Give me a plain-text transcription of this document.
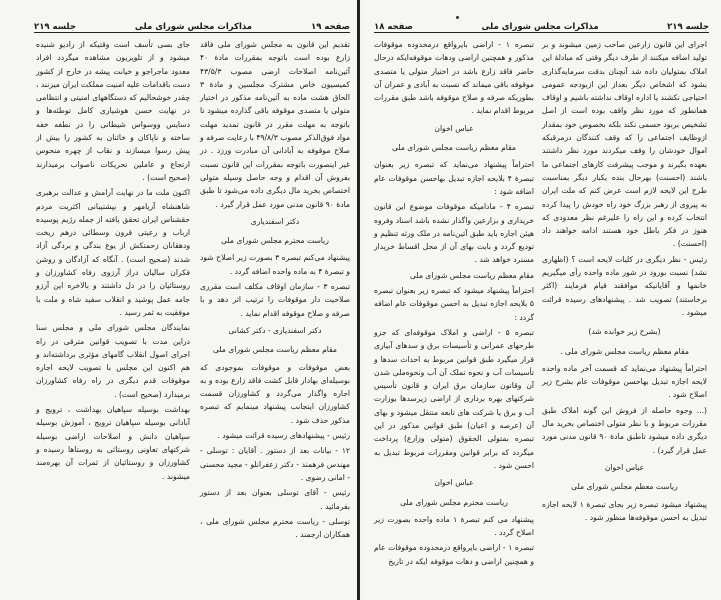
صفحه ۱۹
مذاکرات مجلس شورای ملی
جلسه ۲۱۹

تقدیم این قانون به مجلس شورای ملی فاقد زارع بوده است باتوجه بمقررات مادهٔ ۴۰ آئین‌نامه اصلاحات ارضی مصوب ۴۳/۵/۳ کمیسیون خاص مشترک مجلسین و مادهٔ ۳ الحاق هشت ماده به آئین‌نامه مذکور در اختیار متولی یا متصدی موقوفه باقی گذارده میشود تا باتوجه به مهلت مقرر در قانون تمدید مهلت مواد فوق‌الذکر مصوب ۴۹/۸/۳ با رعایت صرفه و صلاح موقوفه به آبادانی آن مبادرت ورزد . در غیر اینصورت باتوجه بمقررات این قانون نسبت بفروش آن اقدام و وجه حاصل وسیله متولی اختصاص بخرید مال دیگری داده می‌شود تا طبق مادهٔ ۹۰ قانون مدنی مورد عمل قرار گیرد .

دکتر اسفندیاری

ریاست محترم مجلس شورای ملی

پیشنهاد می‌کنم تبصره ۳ بصورت زیر اصلاح شود و تبصرهٔ ۴ به ماده واحده اضافه گردد .

تبصره ۳ - سازمان اوقاف مکلف است مقرری صلاحیت دار موقوفات را ترتیب اثر دهد و با صرفه و صلاح موقوفه اقدام نماید .

دکتر اسفندیاری - دکتر کشانی

مقام معظم ریاست مجلس شورای ملی

بعض موقوفات و موقوفات بموجودی که بوسیله‌ای بهادار قابل کشت فاقد زارع بوده و به اجاره واگذار می‌گردد و کشاورزان قسمت کشاورزان اینجانب پیشنهاد مینمایم که تبصره مذکور حذف شود .

رئیس - پیشنهادهای رسیده قرائت میشود .

۱۲ - بیانات بعد از دستور . آقایان : توسلی - مهندس فرهمند - دکتر زعفرانلو - مجید محسنی - امانی رضوی .

رئیس - آقای توسلی بعنوان بعد از دستور بفرمائید .

توسلی - ریاست محترم مجلس شورای ملی ، همکاران ارجمند .

جای بسی تأسف است وقتیکه از رادیو شنیده میشود و از تلویزیون مشاهده میگردد افراد معدود ماجراجو و خیانت پیشه در خارج از کشور دست باقدامات علیه امنیت مملکت ایران میزنند ، چقدر خوشحالیم که دستگاههای امنیتی و انتظامی در نهایت حسن هوشیاری کامل توطئه‌ها و دسایس ووسواس شیطانی را در نطفه خفه ساخته و ناپاکان و خائنان به کشور را بیش از پیش رسوا میسازند و نقاب از چهره منحوس ارتجاع و عاملین تحریکات ناصواب برمیدارند (صحیح است) .

اکنون ملت ما در نهایت آرامش و عدالت برهبری شاهنشاه آریامهر و بپشتیبانی اکثریت مردم حقشناس ایران تحقق یافته از جمله رژیم پوسیده ارباب و رعیتی قرون وسطائی درهم ریخت ودهقانان زحمتکش از یوغ بندگی و بردگی آزاد شدند (صحیح است) . آنگاه که آزادگان و روشن فکران سالیان دراز آرزوی رفاه کشاورزان و روستائیان را در دل داشتند و بالاخره این آرزو جامه عمل پوشید و انقلاب سفید شاه و ملت با موفقیت به ثمر رسید .

نمایندگان مجلس شورای ملی و مجلس سنا دراین مدت با تصویب قوانین مترقی در راه اجرای اصول انقلاب گامهای مؤثری برداشته‌اند و هم اکنون این مجلس با تصویب لایحه اجاره موقوفات قدم دیگری در راه رفاه کشاورزان برمیدارد (صحیح است) .

بهداشت بوسیله سپاهیان بهداشت ، ترویج و آبادانی بوسیله سپاهیان ترویج ، آموزش بوسیله سپاهیان دانش و اصلاحات اراضی بوسیله شرکتهای تعاونی روستائی به روستاها رسیده و کشاورزان و روستائیان از ثمرات آن بهره‌مند میشوند .

جلسه ۲۱۹
مذاکرات مجلس شورای ملی
صفحه ۱۸

اجرای این قانون زارعین صاحب زمین میشوند و بر تولید اضافه میکنند از طرف دیگر وقتی که مبادلهٔ این املاک بمتولیان داده شد آنچنان بدقت سرمایه‌گذاری بشود که اشخاص دیگر بعداز این ازبودجه عمومی احتیاجی نکشند یا اداره اوقاف نداشته باشیم و اوقاف همانطور که مورد نظر واقف بوده است از اصل تشخیص بربود حسمی نکند بلکه بخصوص خود بمقدار ازوظایف اجتماعی را که وقف کنندگان درمرقبکه اموال خودشان را وقف میکردند مورد نظر داشتند بعهده بگیرند و موجب پیشرفت کارهای اجتماعی ما باشند (احسنت) بهرحال بنده یکبار دیگر بمناسبت طرح این لایحه لازم است عرض کنم که ملت ایران به پیروی از رهبر بزرگ خود راه خودش را پیدا کرده انتخاب کرده و این راه را علیرغم نظر معدودی که هنوز در فکر باطل خود هستند ادامه خواهند داد (احسنت) .

رئیس - نظر دیگری در کلیات لایحه است ؟ (اظهاری نشد) نسبت بورود در شور ماده واحده رأی میگیریم خانمها و آقایانیکه موافقند قیام فرمایند (اکثر برخاستند) تصویب شد . پیشنهادهای رسیده قرائت میشود .

(بشرح زیر خوانده شد)

مقام معظم ریاست مجلس شورای ملی .

احتراماً پیشنهاد می‌نماید که قسمت آخر ماده واحده لایحه اجازه تبدیل بهاحسن موقوفات عام بشرح زیر اصلاح شود .

(... وجوه حاصله از فروش این گونه املاک طبق مقررات مربوط و با نظر متولی اختصاص بخرید مال دیگری داده میشود تاطبق مادهٔ ۹۰ قانون مدنی مورد عمل قرار گیرد) .

عباس اخوان

ریاست معظم مجلس شورای ملی

پیشنهاد میشود تبصره زیر بجای تبصرهٔ ۱ لایحه اجازه تبدیل به احسن موقوفه‌ها منظور شود .

تبصره ۱ - اراضی بایرواقع درمحدوده موقوفات مذکور و همچنین اراضی ودهات موقوفه‌ایکه درحال حاضر فاقد زارع باشد در اختیار متولی یا متصدی موقوفه باقی میماند که نسبت به آبادی و عمران آن بطوریکه صرفه و صلاح موقوفه باشد طبق مقررات مربوط اقدام نماید .

عباس اخوان

مقام معظم ریاست مجلس شورای ملی

احتراماً پیشنهاد می‌نماید که تبصره زیر بعنوان تبصرهٔ ۴ بلایحه اجازه تبدیل بهاحسن موقوفات عام اضافه شود :

تبصره ۴ - مادامیکه موقوفات موضوع این قانون خریداری و بزارعین واگذار نشده باشد اسناد وفروه هیئن اجاره باید طبق آئین‌نامه در ملک ورثه تنظیم و تودیع گردد و بابت بهای آن از محل اقساط خریدار مسترد خواهد شد .

مقام معظم ریاست مجلس شورای ملی

احتراماً پیشنهاد میشود که تبصره زیر بعنوان تبصره ۵ بلایحه اجازه تبدیل به احسن موقوفات عام اضافه گردد :

تبصره ۵ - اراضی و املاک موقوفه‌ای که جزو طرحهای عمرانی و تأسیسات برق و سدهای آبیاری قرار میگیرد طبق قوانین مربوط به احداث سدها و تأسیسات آب و نحوه تملک آن آب ونحوه‌ملی شدن آن وقانون سازمان برق ایران و قانون تأسیس شرکتهای بهره برداری از اراضی زیرسدها بوزارت آب و برق یا شرکت های تابعه منتقل میشود و بهای آن (عرصه و اعیان) طبق قوانین مذکور در این تبصره بمتولی الحقوق (متولی وزارع) پرداخت میگردد که برابر قوانین ومقررات مربوط تبدیل به احسن شود .

عباس اخوان

ریاست محترم مجلس شورای ملی

پیشنهاد می کنم تبصرهٔ ۱ ماده واحده بصورت زیر اصلاح گردد .

تبصره ۱ - اراضی بایرواقع درمحدوده موقوفات عام و همچنین اراضی و دهات موقوفه ایکه در تاریخ
